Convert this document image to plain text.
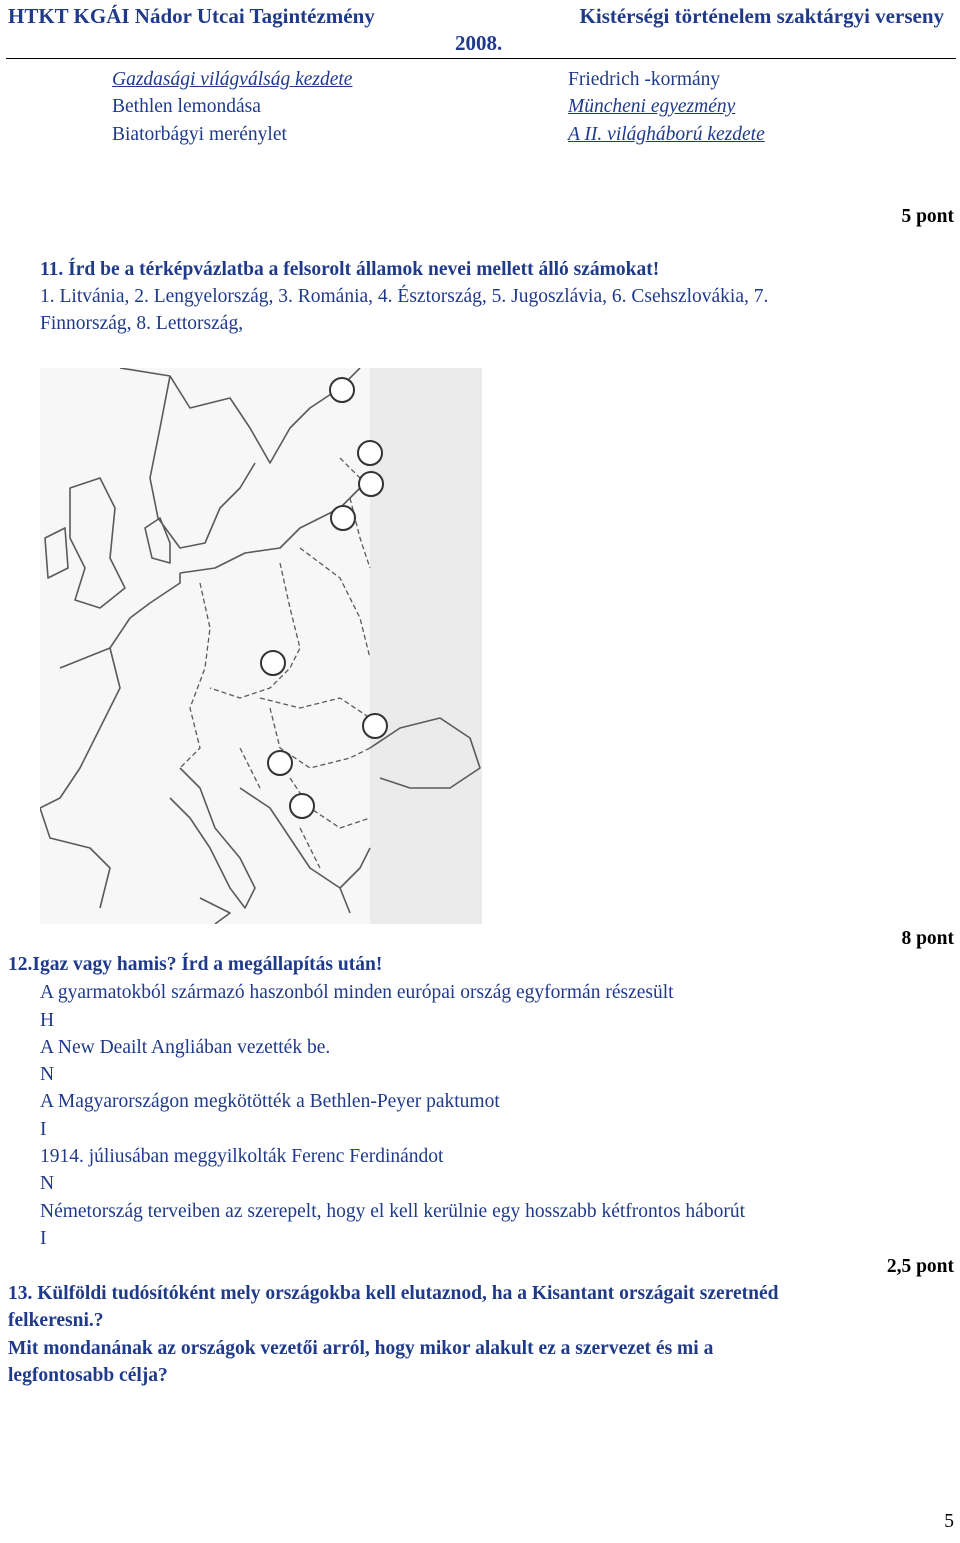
HTKT KGÁI Nádor Utcai Tagintézmény	Kistérségi történelem szaktárgyi verseny
2008.
Gazdasági világválság kezdete
Bethlen lemondása
Biatorbágyi merénylet
Friedrich -kormány
Müncheni egyezmény
A II. világháború kezdete
5 pont
11. Írd be a térképvázlatba a felsorolt államok nevei mellett álló számokat!
1. Litvánia, 2. Lengyelország, 3. Románia, 4. Észtország, 5. Jugoszlávia, 6. Csehszlovákia, 7.
Finnország, 8. Lettország,
8 pont
12.Igaz vagy hamis? Írd a megállapítás után!
A gyarmatokból származó haszonból minden európai ország egyformán részesült
H
A New Deailt Angliában vezették be.
N
A Magyarországon megkötötték a Bethlen-Peyer paktumot
I
1914. júliusában meggyilkolták Ferenc Ferdinándot
N
Németország terveiben az szerepelt, hogy el kell kerülnie egy hosszabb kétfrontos háborút
I
2,5 pont
13. Külföldi tudósítóként mely országokba kell elutaznod, ha a Kisantant országait szeretnéd
felkeresni.?
Mit mondanának az országok vezetői arról, hogy mikor alakult ez a szervezet és mi a
legfontosabb célja?
5
